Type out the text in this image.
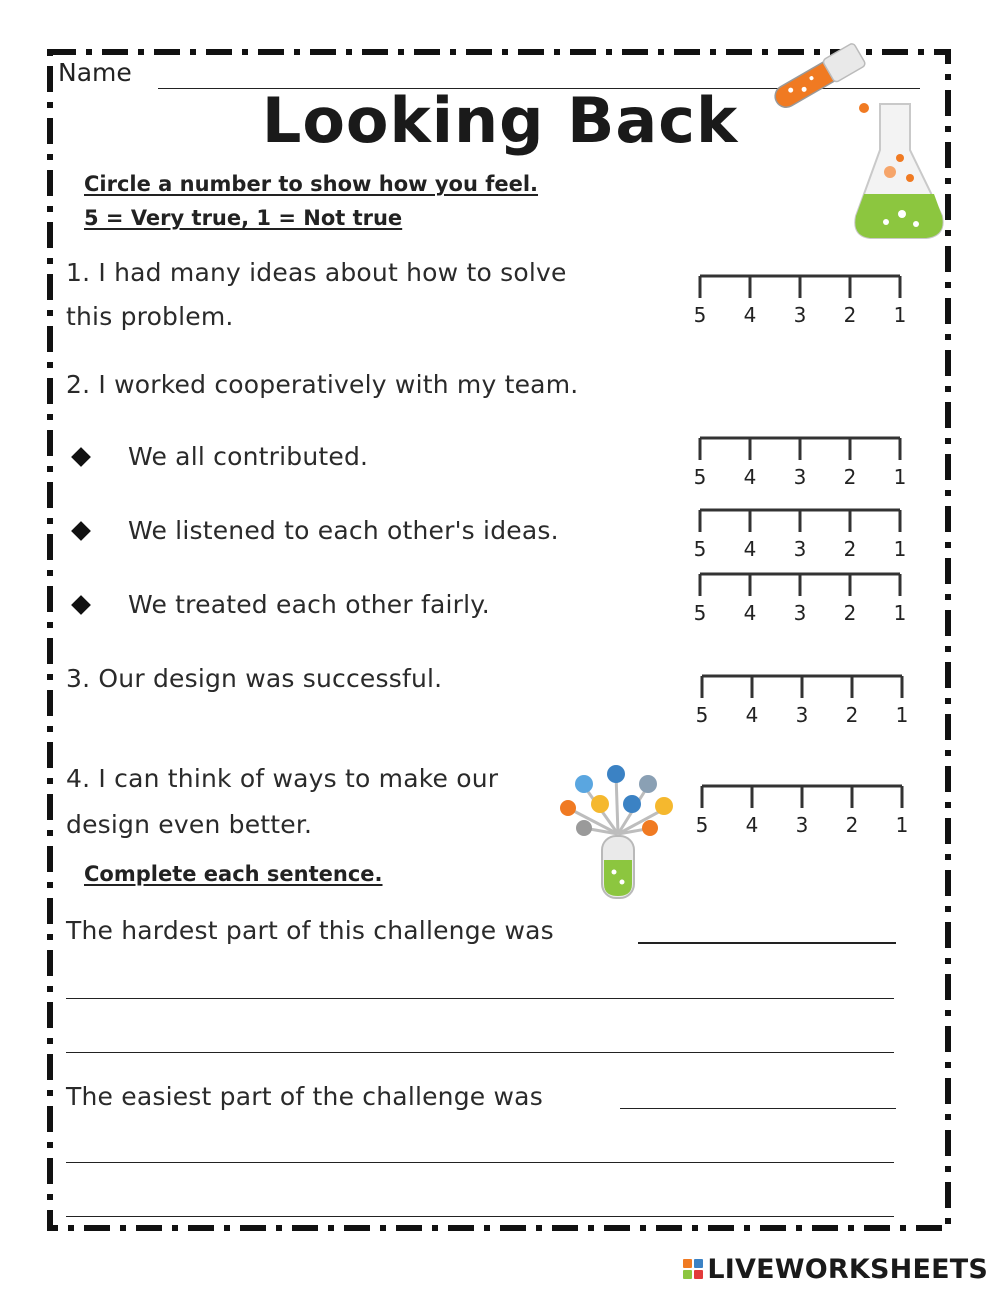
Name
Looking Back
Circle a number to show how you feel.
5 = Very true, 1 = Not true
1. I had many ideas about how to solve
this problem.	5 4 3 2 1
2. I worked cooperatively with my team.
We all contributed.
5 4 3 2 1
We listened to each other's ideas.
5 4 3 2 1
We treated each other fairly.	5 4 3 2 1
3. Our design was successful.
5 4 3 2 1
4. I can think of ways to make our
design even better.	5 4 3 2 1
Complete each sentence.
The hardest part of this challenge was
The easiest part of the challenge was
LIVEWORKSHEETS
